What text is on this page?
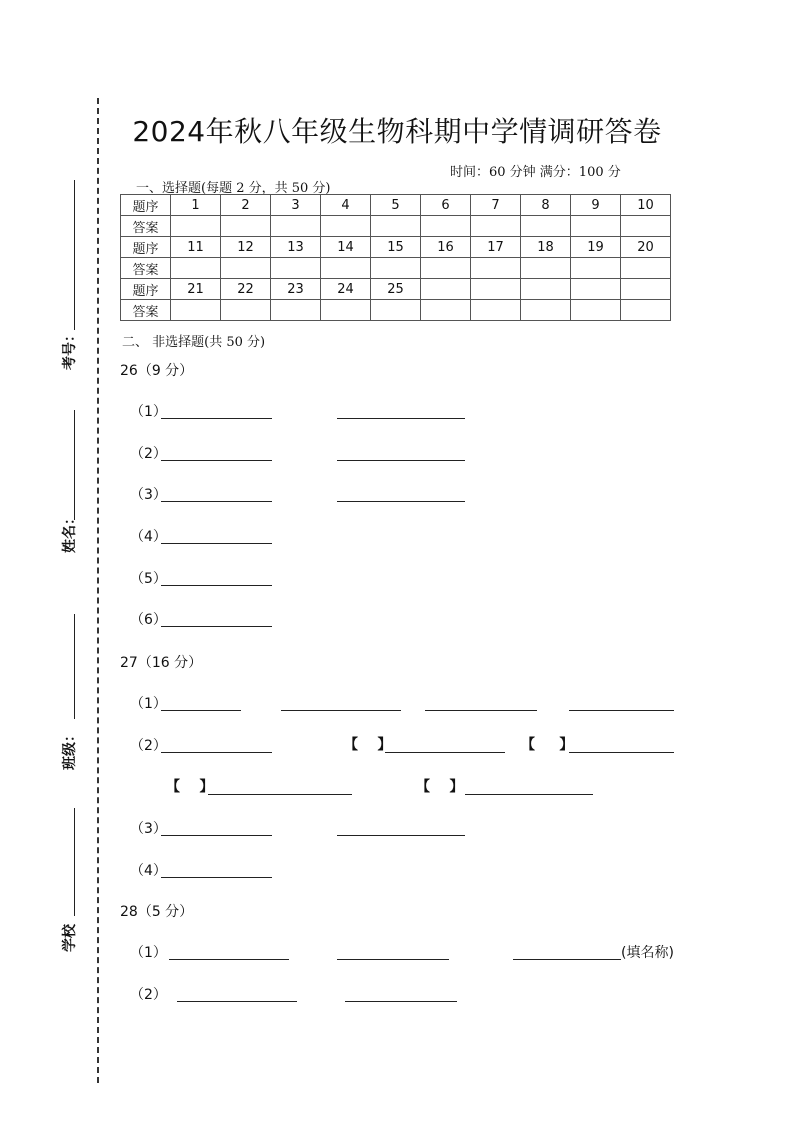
考号：
姓名：
班级：
学校
2024年秋八年级生物科期中学情调研答卷
时间：60 分钟 满分：100 分
一、选择题(每题 2 分，共 50 分)
题序	1	2	3	4	5	6	7	8	9	10
答案										
题序	11	12	13	14	15	16	17	18	19	20
答案										
题序	21	22	23	24	25					
答案										
二、 非选择题(共 50 分)
26（9 分）
（1）
（2）
（3）
（4）
（5）
（6）
27（16 分）
（1）
（2）	【    】	【     】
【    】	【    】
（3）
（4）
28（5 分）
（1）	(填名称)
（2）
